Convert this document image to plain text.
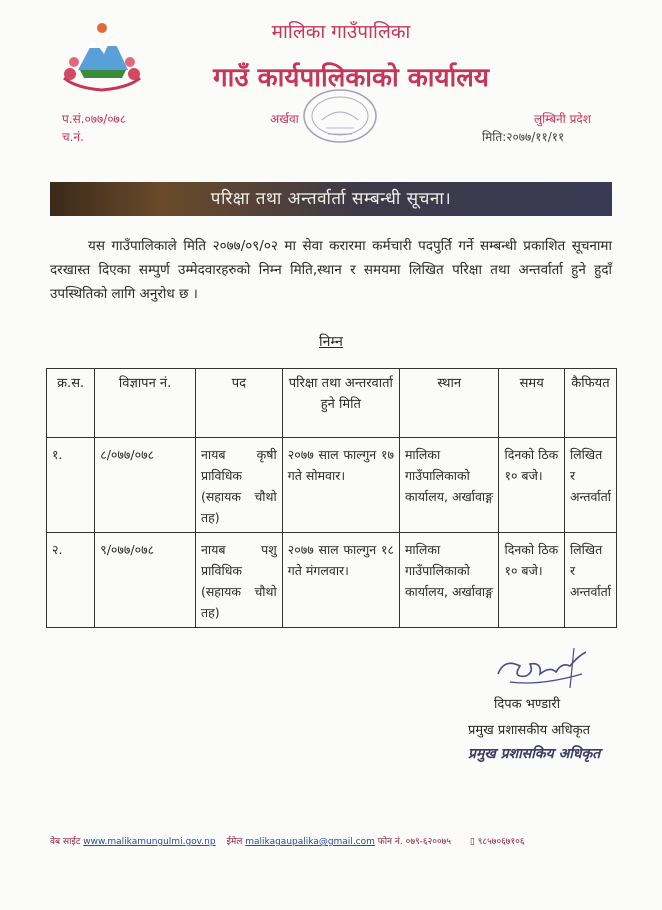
मालिका गाउँपालिका
गाउँ कार्यपालिकाको कार्यालय
प.सं.०७७/०७८
च.नं.
अर्खवा	लुम्बिनी प्रदेश
मिति:२०७७/११/११
परिक्षा तथा अन्तर्वार्ता सम्बन्धी सूचना।
यस गाउँपालिकाले मिति २०७७/०९/०२ मा सेवा करारमा कर्मचारी पदपुर्ति गर्ने सम्बन्धी प्रकाशित सूचनामा दरखास्त दिएका सम्पुर्ण उम्मेदवारहरुको निम्न मिति,स्थान र समयमा लिखित परिक्षा तथा अन्तर्वार्ता हुने हुदाँ उपस्थितिको लागि अनुरोध छ ।
निम्न
क्र.स.	विज्ञापन नं.	पद	परिक्षा तथा अन्तरवार्ता हुने मिति	स्थान	समय	कैफियत
१.	८/०७७/०७८	नायब कृषी प्राविधिक (सहायक चौथो तह)	२०७७ साल फाल्गुन १७ गते सोमवार।	मालिका गाउँपालिकाको कार्यालय, अर्खावाङ्ग	दिनको ठिक १० बजे।	लिखित र अन्तर्वार्ता
२.	९/०७७/०७८	नायब पशु प्राविधिक (सहायक चौथो तह)	२०७७ साल फाल्गुन १८ गते मंगलवार।	मालिका गाउँपालिकाको कार्यालय, अर्खावाङ्ग	दिनको ठिक १० बजे।	लिखित र अन्तर्वार्ता
दिपक भण्डारी
प्रमुख प्रशासकीय अधिकृत
प्रमुख प्रशासकिय अधिकृत
वेब साईट www.malikamungulmi.gov.np ईमेल malikagaupalika@gmail.com फोन नं. ०७९-६२००७५ ▯ ९८५७०६७१०६
